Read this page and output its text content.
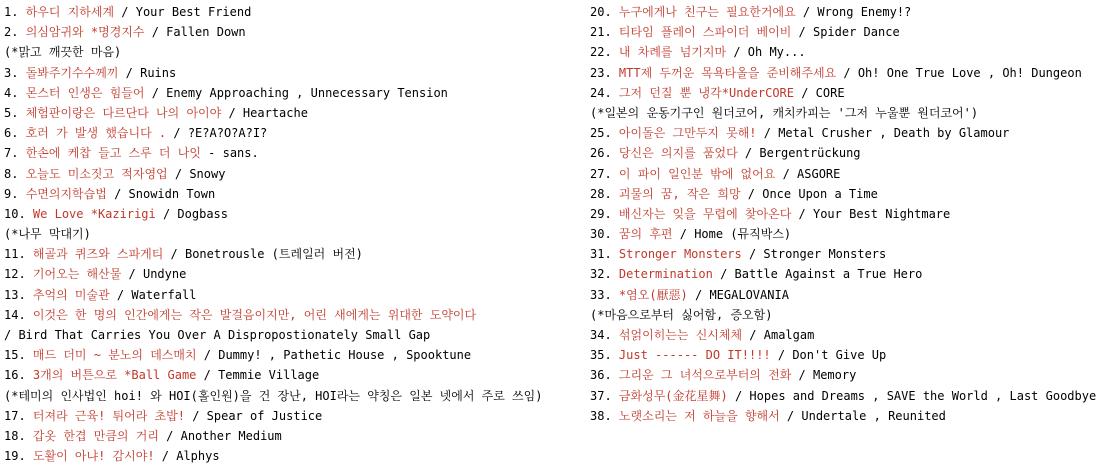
1. 하우디 지하세계 / Your Best Friend
2. 의심암귀와 *명경지수 / Fallen Down
(*맑고 깨끗한 마음)
3. 돌봐주기수수께끼 / Ruins
4. 몬스터 인생은 힘들어 / Enemy Approaching , Unnecessary Tension
5. 체험판이랑은 다르단다 나의 아이야 / Heartache
6. 호러 가 발생 했습니다 . / ?E?A?O?A?I?
7. 한손에 케찹 들고 스루 더 나잇 - sans.
8. 오늘도 미소짓고 적자영업 / Snowy
9. 수면의지학습법 / Snowidn Town
10. We Love *Kazirigi / Dogbass
(*나무 막대기)
11. 해골과 퀴즈와 스파게티 / Bonetrousle (트레일러 버전)
12. 기어오는 해산물 / Undyne
13. 추억의 미술관 / Waterfall
14. 이것은 한 명의 인간에게는 작은 발걸음이지만, 어린 새에게는 위대한 도약이다
/ Bird That Carries You Over A Dispropostionately Small Gap
15. 매드 더미 ~ 분노의 데스매치 / Dummy! , Pathetic House , Spooktune
16. 3개의 버튼으로 *Ball Game / Temmie Village
(*테미의 인사법인 hoi! 와 HOI(홀인원)을 건 장난, HOI라는 약칭은 일본 넷에서 주로 쓰임)
17. 터져라 근육! 튀어라 초밥! / Spear of Justice
18. 갑옷 한겹 만큼의 거리 / Another Medium
19. 도활이 아냐! 감시야! / Alphys
20. 누구에게나 친구는 필요한거에요 / Wrong Enemy!?
21. 티타임 플레이 스파이더 베이비 / Spider Dance
22. 내 차례를 넘기지마 / Oh My...
23. MTT제 두꺼운 목욕타올을 준비해주세요 / Oh! One True Love , Oh! Dungeon
24. 그저 던질 뿐 냉각*UnderCORE / CORE
(*일본의 운동기구인 원더코어, 캐치카피는 '그저 누울뿐 원더코어')
25. 아이돌은 그만두지 못해! / Metal Crusher , Death by Glamour
26. 당신은 의지를 품었다 / Bergentrückung
27. 이 파이 일인분 밖에 없어요 / ASGORE
28. 괴물의 꿈, 작은 희망 / Once Upon a Time
29. 배신자는 잊을 무렵에 찾아온다 / Your Best Nightmare
30. 꿈의 후편 / Home (뮤직박스)
31. Stronger Monsters / Stronger Monsters
32. Determination / Battle Against a True Hero
33. *염오(厭惡) / MEGALOVANIA
(*마음으로부터 싫어함, 증오함)
34. 섞얽이히는는 신시체체 / Amalgam
35. Just ------ DO IT!!!! / Don't Give Up
36. 그리운 그 녀석으로부터의 전화 / Memory
37. 금화성무(金花星舞) / Hopes and Dreams , SAVE the World , Last Goodbye
38. 노랫소리는 저 하늘을 향해서 / Undertale , Reunited
